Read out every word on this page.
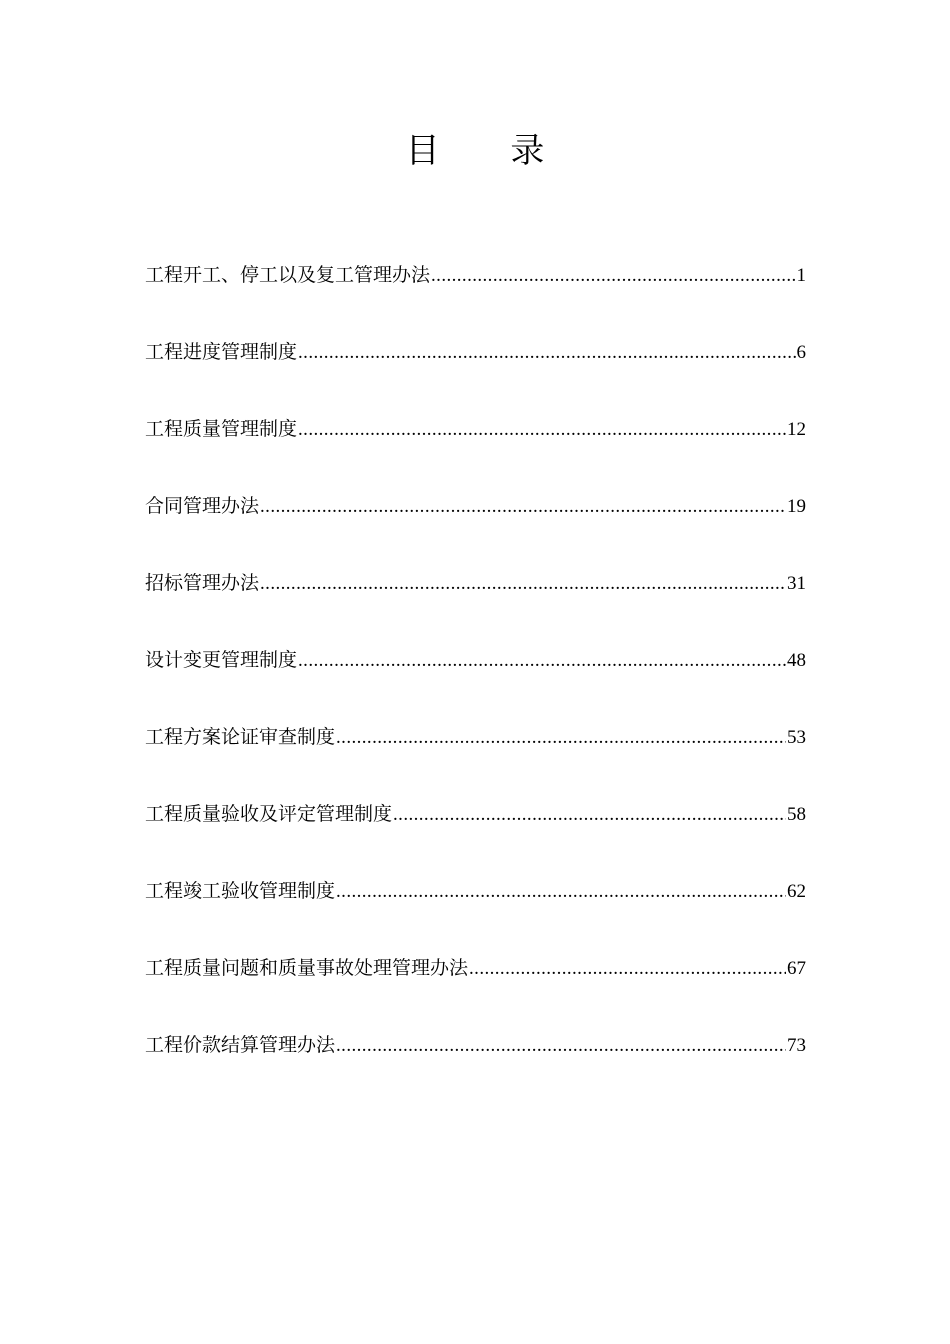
目 录
工程开工、停工以及复工管理办法 .....	1
工程进度管理制度 .....	6
工程质量管理制度 .....	12
合同管理办法 .....	19
招标管理办法 .....	31
设计变更管理制度 .....	48
工程方案论证审查制度 .....	53
工程质量验收及评定管理制度 .....	58
工程竣工验收管理制度 .....	62
工程质量问题和质量事故处理管理办法 .....	67
工程价款结算管理办法 .....	73
